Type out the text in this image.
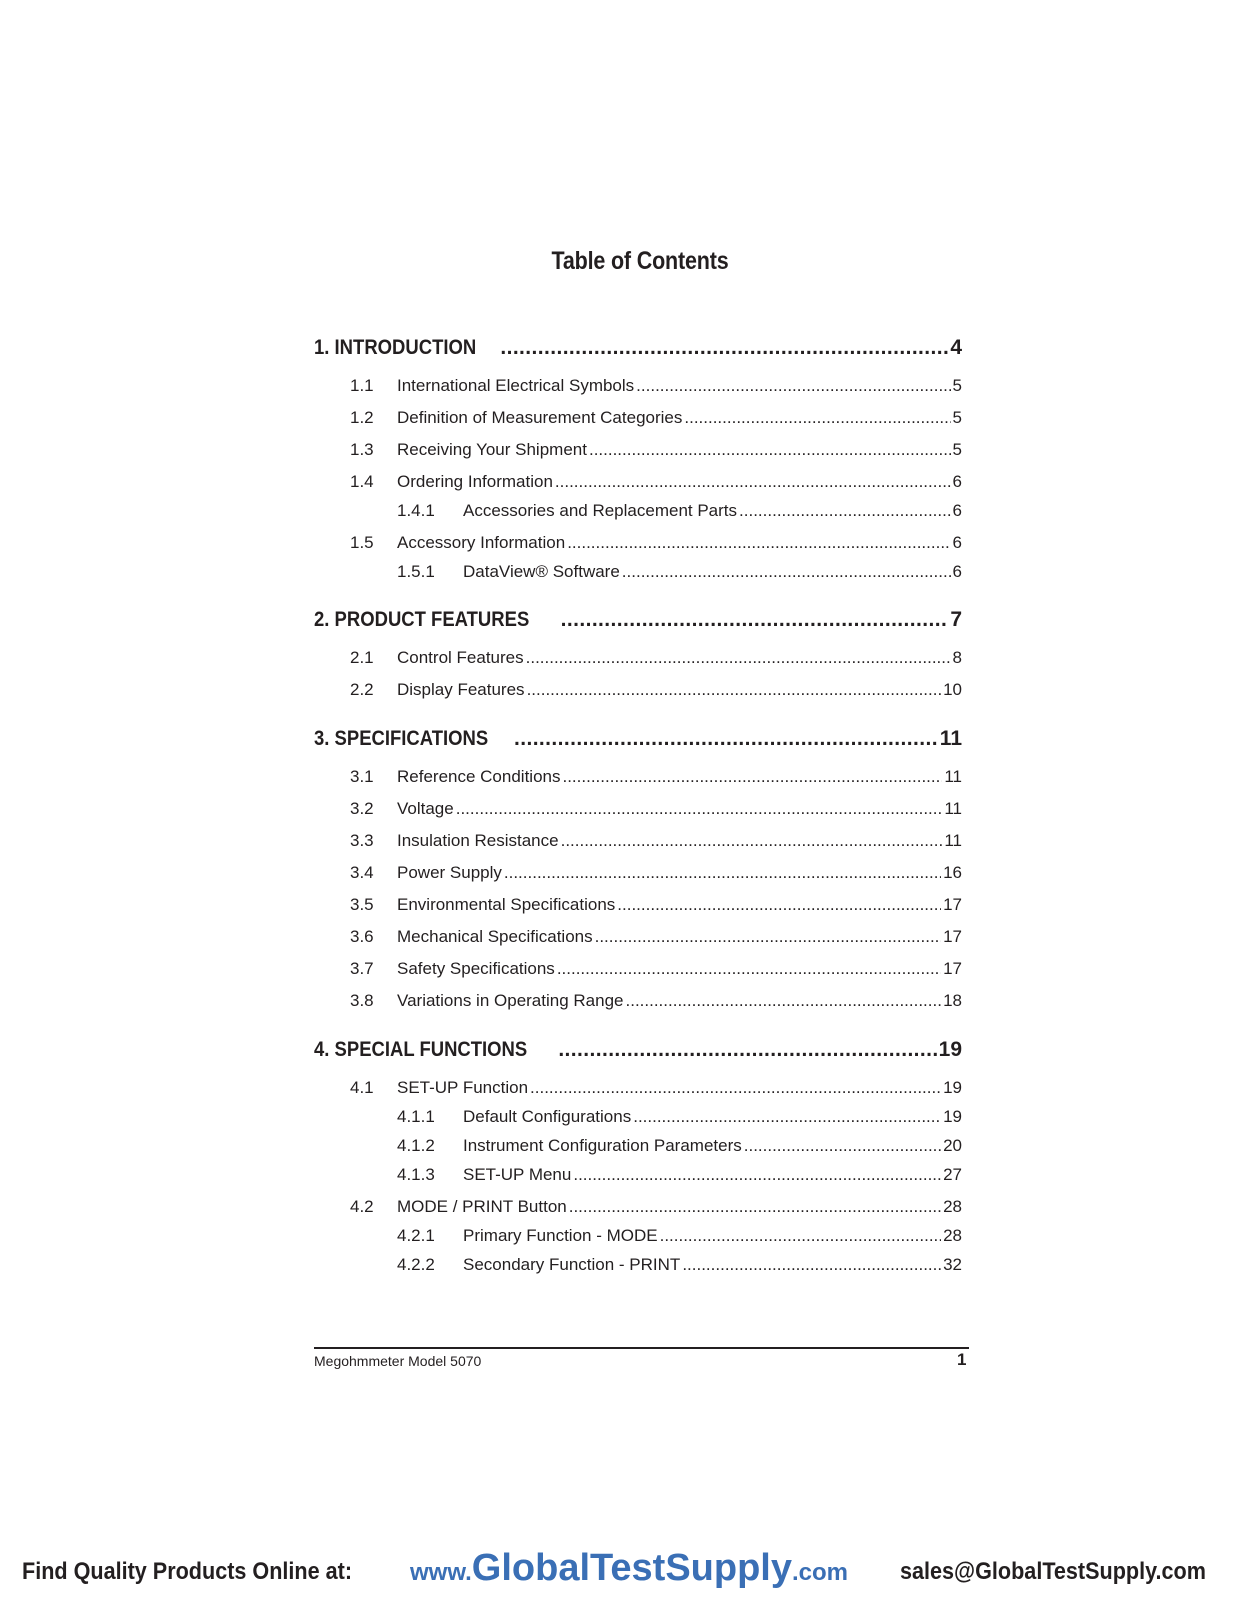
Table of Contents
1. INTRODUCTION .....	4
1.1	International Electrical Symbols .....	5
1.2	Definition of Measurement Categories .....	5
1.3	Receiving Your Shipment .....	5
1.4	Ordering Information .....	6
1.4.1	Accessories and Replacement Parts .....	6
1.5	Accessory Information .....	6
1.5.1	DataView® Software .....	6
2. PRODUCT FEATURES .....	7
2.1	Control Features .....	8
2.2	Display Features .....	10
3. SPECIFICATIONS .....	11
3.1	Reference Conditions .....	11
3.2	Voltage .....	11
3.3	Insulation Resistance .....	11
3.4	Power Supply .....	16
3.5	Environmental Specifications .....	17
3.6	Mechanical Specifications .....	17
3.7	Safety Specifications .....	17
3.8	Variations in Operating Range .....	18
4. SPECIAL FUNCTIONS .....	19
4.1	SET-UP Function .....	19
4.1.1	Default Configurations .....	19
4.1.2	Instrument Configuration Parameters .....	20
4.1.3	SET-UP Menu .....	27
4.2	MODE / PRINT Button .....	28
4.2.1	Primary Function - MODE .....	28
4.2.2	Secondary Function - PRINT .....	32
Megohmmeter Model 5070	1
Find Quality Products Online at: www.GlobalTestSupply.com sales@GlobalTestSupply.com
